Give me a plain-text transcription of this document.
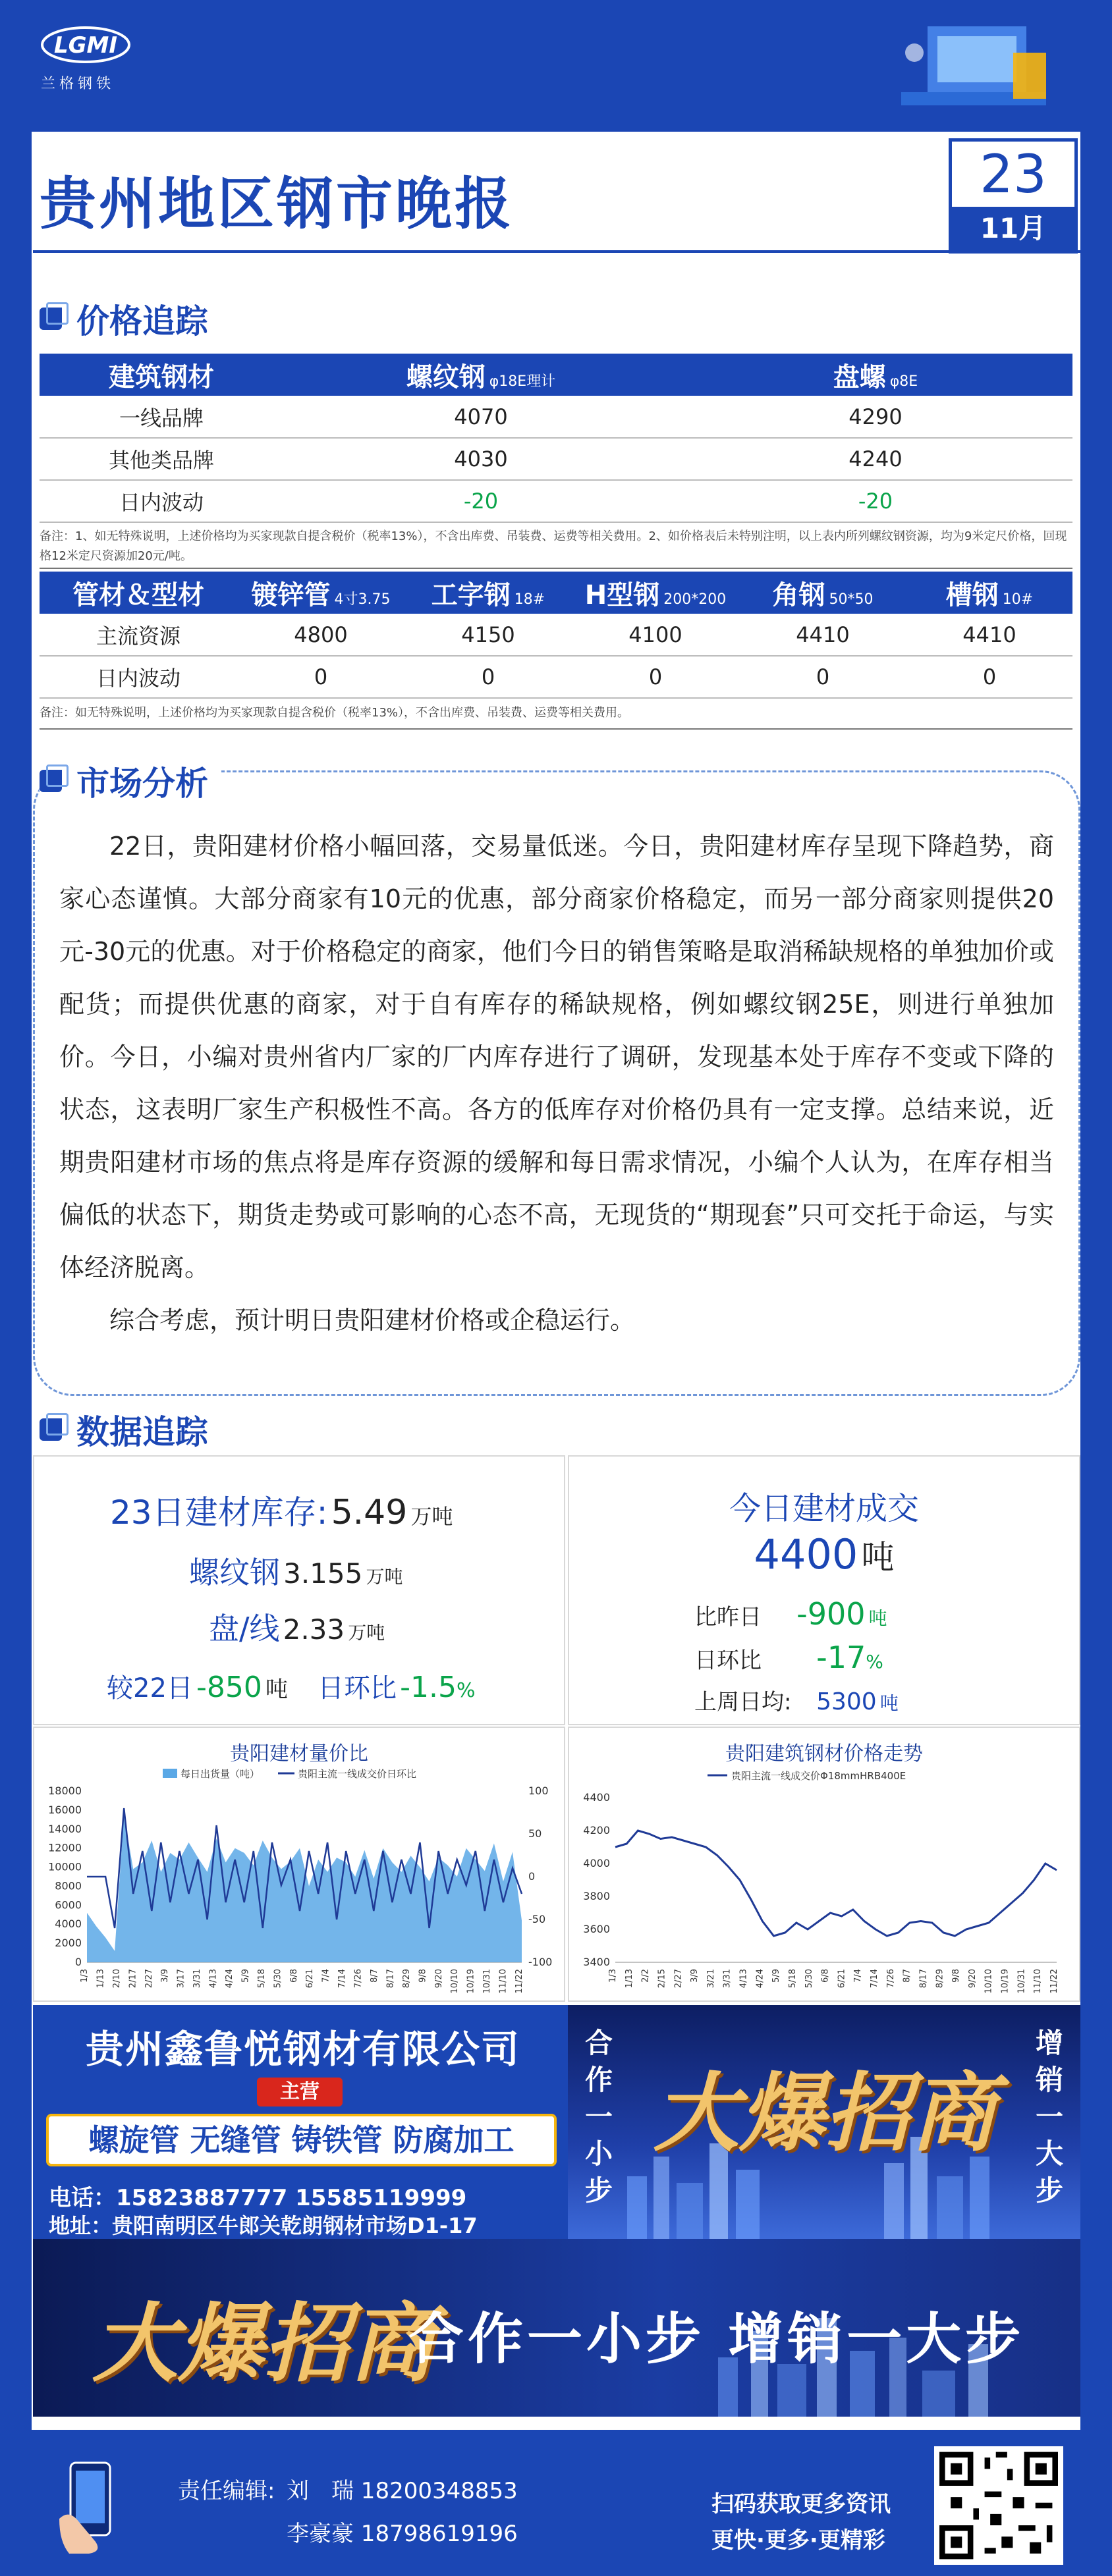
LGMI
兰格钢铁
贵州地区钢市晚报	23
11月
价格追踪
建筑钢材	螺纹钢 φ18E理计	盘螺 φ8E
一线品牌	4070	4290
其他类品牌	4030	4240
日内波动	-20	-20
备注：1、如无特殊说明，上述价格均为买家现款自提含税价（税率13%），不含出库费、吊装费、运费等相关费用。2、如价格表后未特别注明，以上表内所列螺纹钢资源，均为9米定尺价格，回现格12米定尺资源加20元/吨。
管材＆型材	镀锌管 4寸3.75	工字钢 18#	H型钢 200*200	角钢 50*50	槽钢 10#
主流资源	4800	4150	4100	4410	4410
日内波动	0	0	0	0	0
备注：如无特殊说明，上述价格均为买家现款自提含税价（税率13%），不含出库费、吊装费、运费等相关费用。
市场分析

22日，贵阳建材价格小幅回落，交易量低迷。今日，贵阳建材库存呈现下降趋势，商家心态谨慎。大部分商家有10元的优惠，部分商家价格稳定，而另一部分商家则提供20元-30元的优惠。对于价格稳定的商家，他们今日的销售策略是取消稀缺规格的单独加价或配货；而提供优惠的商家，对于自有库存的稀缺规格，例如螺纹钢25E，则进行单独加价。今日，小编对贵州省内厂家的厂内库存进行了调研，发现基本处于库存不变或下降的状态，这表明厂家生产积极性不高。各方的低库存对价格仍具有一定支撑。总结来说，近期贵阳建材市场的焦点将是库存资源的缓解和每日需求情况，小编个人认为，在库存相当偏低的状态下，期货走势或可影响的心态不高，无现货的“期现套”只可交托于命运，与实体经济脱离。

综合考虑，预计明日贵阳建材价格或企稳运行。

数据追踪
23日建材库存: 5.49 万吨
螺纹钢 3.155 万吨
盘/线 2.33 万吨
较22日 -850 吨 日环比 -1.5%
今日建材成交
4400 吨
比昨日 -900 吨
日环比 -17%
上周日均: 5300 吨
贵阳建材量价比
每日出货量（吨）	贵阳主流一线成交价日环比
0
2000
4000
6000
8000
10000
12000
14000
16000
18000
-100
-50
0
50
100
1/3 1/13 2/10 2/17 2/27 3/9 3/17 3/31 4/13 4/24 5/9 5/18 5/30 6/8 6/21 7/4 7/14 7/26 8/7 8/17 8/29 9/8 9/20 10/10 10/19 10/31 11/10 11/22
贵阳建筑钢材价格走势
贵阳主流一线成交价Φ18mmHRB400E
3400
3600
3800
4000
4200
4400
1/3 1/13 2/2 2/15 2/27 3/9 3/21 3/31 4/13 4/24 5/9 5/18 5/30 6/8 6/21 7/4 7/14 7/26 8/7 8/17 8/29 9/8 9/20 10/10 10/19 10/31 11/10 11/22
贵州鑫鲁悦钢材有限公司
主营
螺旋管 无缝管 铸铁管 防腐加工
电话：15823887777 15585119999
地址：贵阳南明区牛郎关乾朗钢材市场D1-17
合
作
一
小
步
大爆招商
增
销
一
大
步
大爆招商
合作一小步 增销一大步
责任编辑: 刘　瑞 18200348853
李豪豪 18798619196
扫码获取更多资讯
更快·更多·更精彩
